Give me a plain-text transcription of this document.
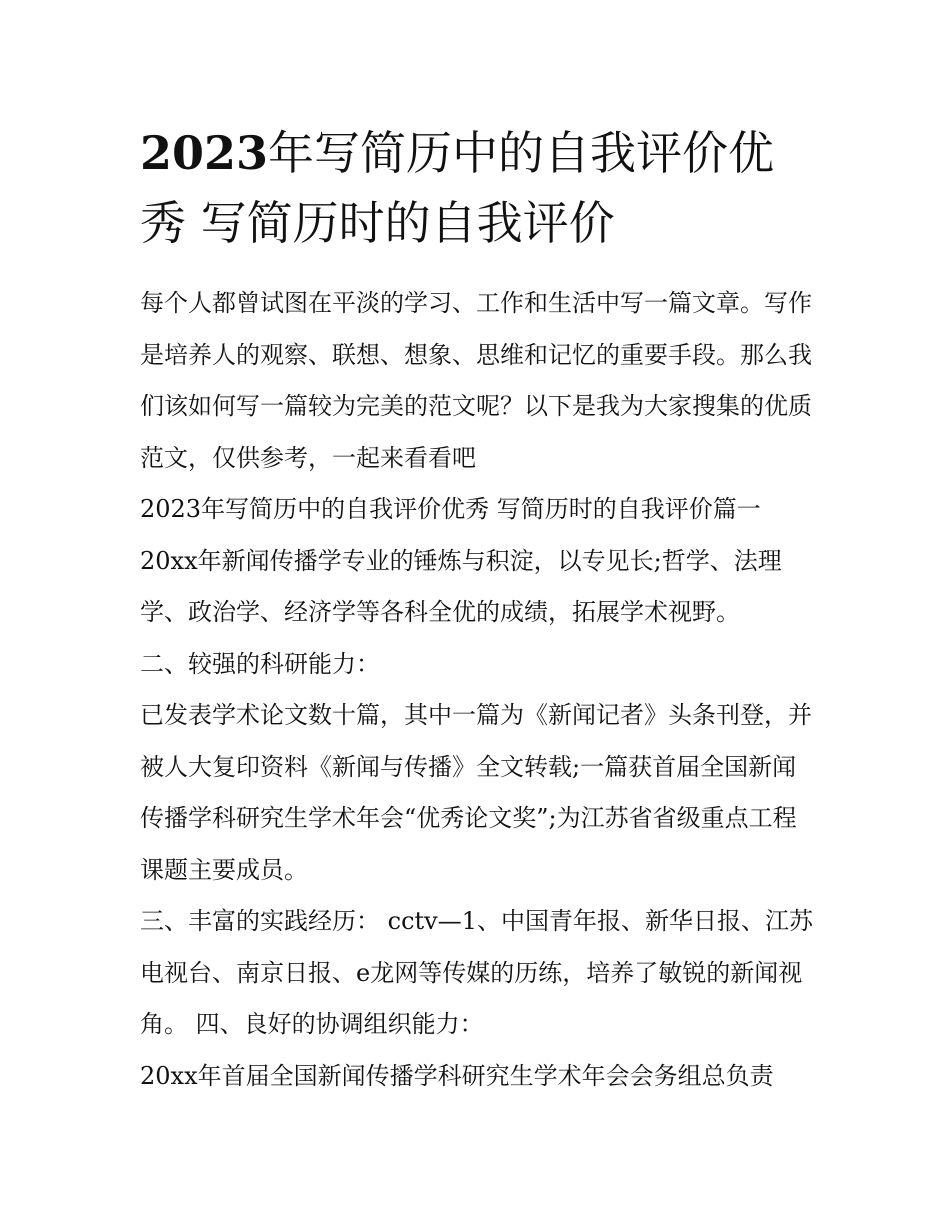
2023年写简历中的自我评价优秀 写简历时的自我评价

每个人都曾试图在平淡的学习、工作和生活中写一篇文章。写作是培养人的观察、联想、想象、思维和记忆的重要手段。那么我们该如何写一篇较为完美的范文呢？以下是我为大家搜集的优质范文，仅供参考，一起来看看吧

2023年写简历中的自我评价优秀 写简历时的自我评价篇一

20xx年新闻传播学专业的锤炼与积淀，以专见长;哲学、法理学、政治学、经济学等各科全优的成绩，拓展学术视野。

二、较强的科研能力：

已发表学术论文数十篇，其中一篇为《新闻记者》头条刊登，并被人大复印资料《新闻与传播》全文转载;一篇获首届全国新闻传播学科研究生学术年会“优秀论文奖”;为江苏省省级重点工程课题主要成员。

三、丰富的实践经历： cctv—1、中国青年报、新华日报、江苏电视台、南京日报、e龙网等传媒的历练，培养了敏锐的新闻视角。 四、良好的协调组织能力：

20xx年首届全国新闻传播学科研究生学术年会会务组总负责
